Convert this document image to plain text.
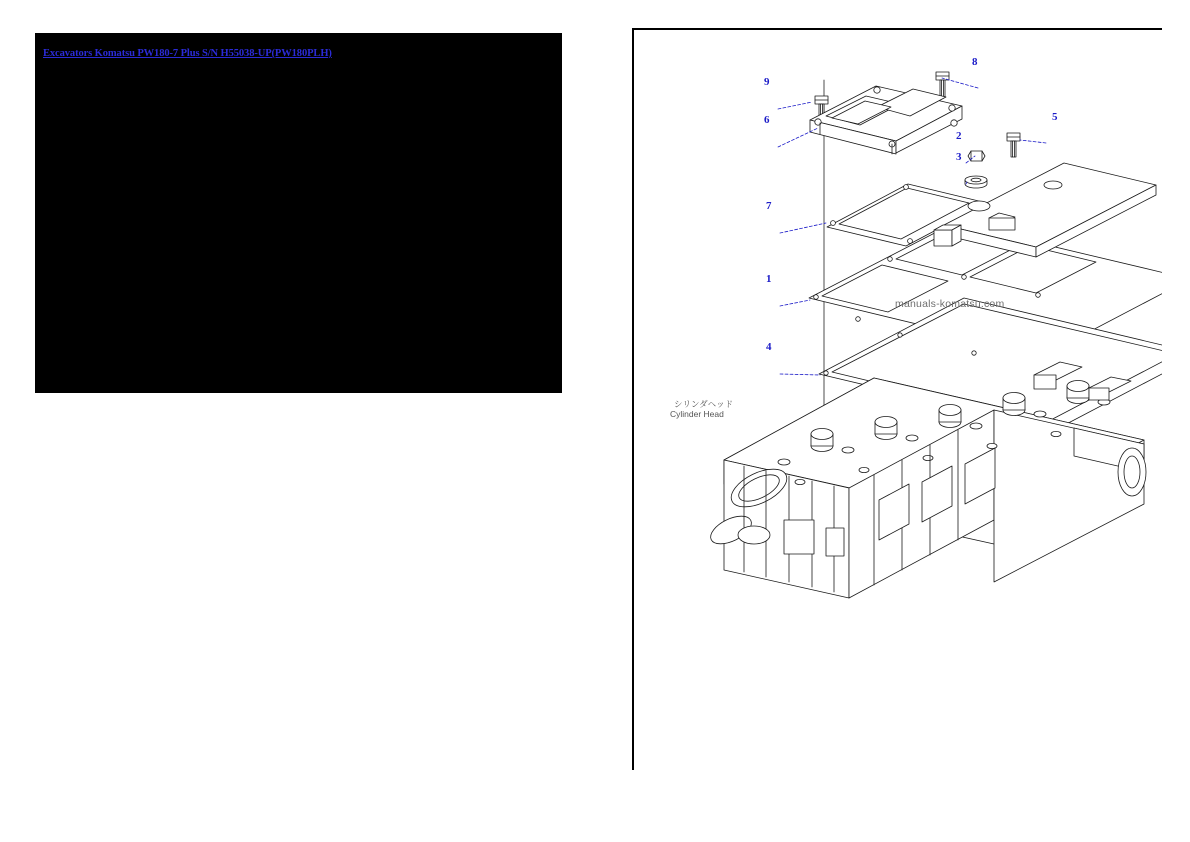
Excavators Komatsu PW180-7 Plus S/N H55038-UP(PW180PLH)
シリンダヘッド
Cylinder Head
9
6
8
5
2
3
7
1
4
manuals-komatsu.com
